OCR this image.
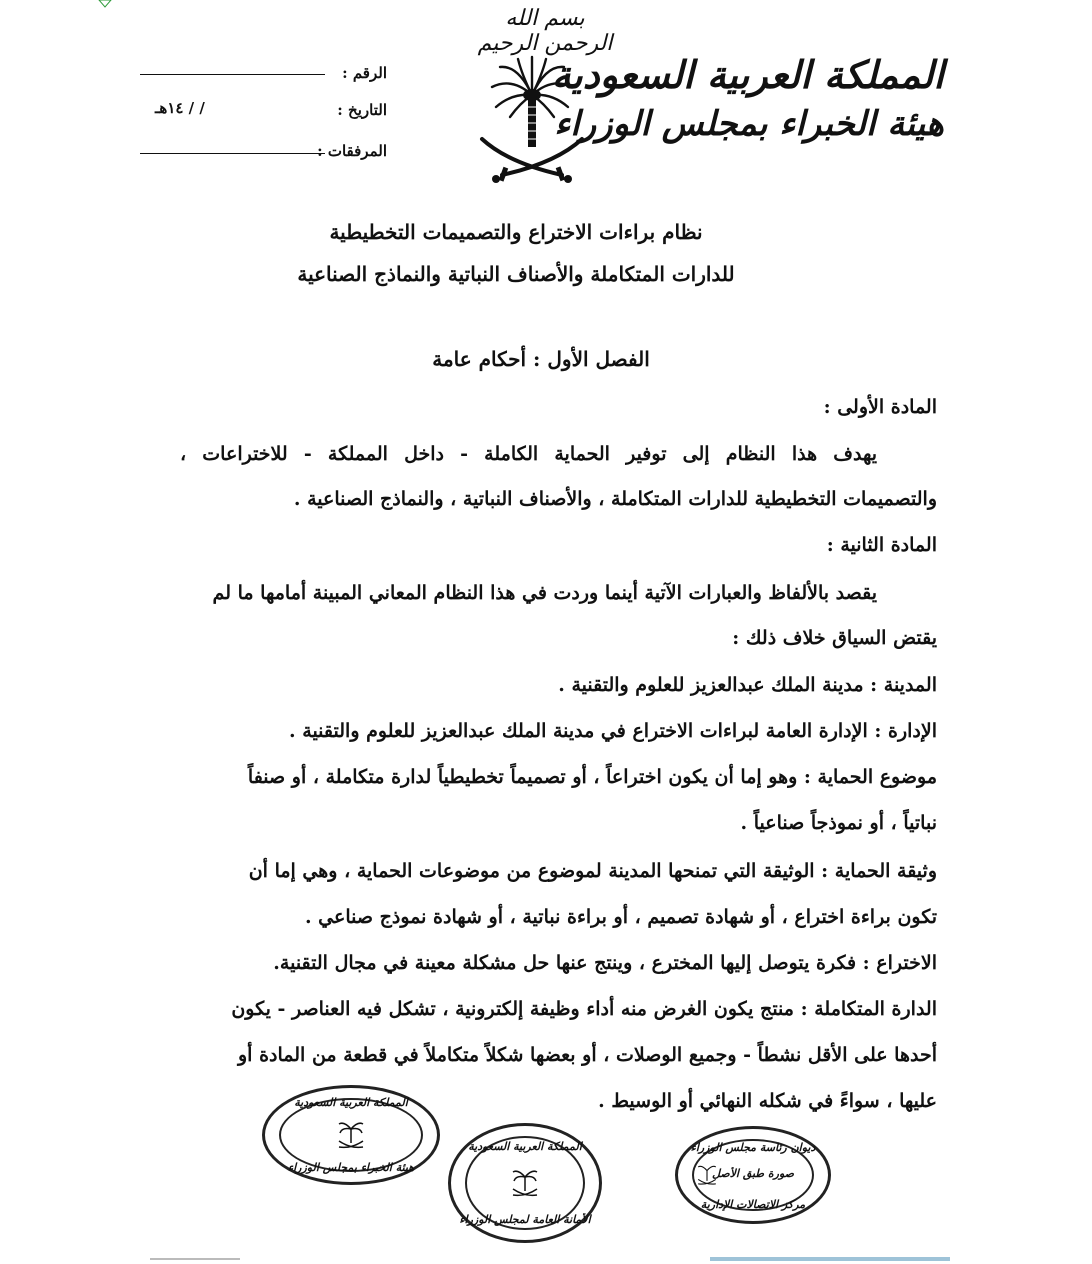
بسم الله الرحمن الرحيم
المملكة العربية السعودية
هيئة الخبراء بمجلس الوزراء
الرقم :
التاريخ :
/ / ١٤هـ
المرفقات :
نظام براءات الاختراع والتصميمات التخطيطية
للدارات المتكاملة والأصناف النباتية والنماذج الصناعية
الفصل الأول : أحكام عامة
المادة الأولى :
يهدف هذا النظام إلى توفير الحماية الكاملة - داخل المملكة - للاختراعات ،
والتصميمات التخطيطية للدارات المتكاملة ، والأصناف النباتية ، والنماذج الصناعية .
المادة الثانية :
يقصد بالألفاظ والعبارات الآتية أينما وردت في هذا النظام المعاني المبينة أمامها ما لم
يقتض السياق خلاف ذلك :
المدينة : مدينة الملك عبدالعزيز للعلوم والتقنية .
الإدارة : الإدارة العامة لبراءات الاختراع في مدينة الملك عبدالعزيز للعلوم والتقنية .
موضوع الحماية : وهو إما أن يكون اختراعاً ، أو تصميماً تخطيطياً لدارة متكاملة ، أو صنفاً
نباتياً ، أو نموذجاً صناعياً .
وثيقة الحماية : الوثيقة التي تمنحها المدينة لموضوع من موضوعات الحماية ، وهي إما أن
تكون براءة اختراع ، أو شهادة تصميم ، أو براءة نباتية ، أو شهادة نموذج صناعي .
الاختراع : فكرة يتوصل إليها المخترع ، وينتج عنها حل مشكلة معينة في مجال التقنية.
الدارة المتكاملة : منتج يكون الغرض منه أداء وظيفة إلكترونية ، تشكل فيه العناصر - يكون
أحدها على الأقل نشطاً - وجميع الوصلات ، أو بعضها شكلاً متكاملاً في قطعة من المادة أو
عليها ، سواءً في شكله النهائي أو الوسيط .
المملكة العربية السعودية
هيئة الخبراء بمجلس الوزراء
المملكة العربية السعودية
الأمانة العامة لمجلس الوزراء
ديوان رئاسة مجلس الوزراء
صورة طبق الأصل
مركز الاتصالات الإدارية
